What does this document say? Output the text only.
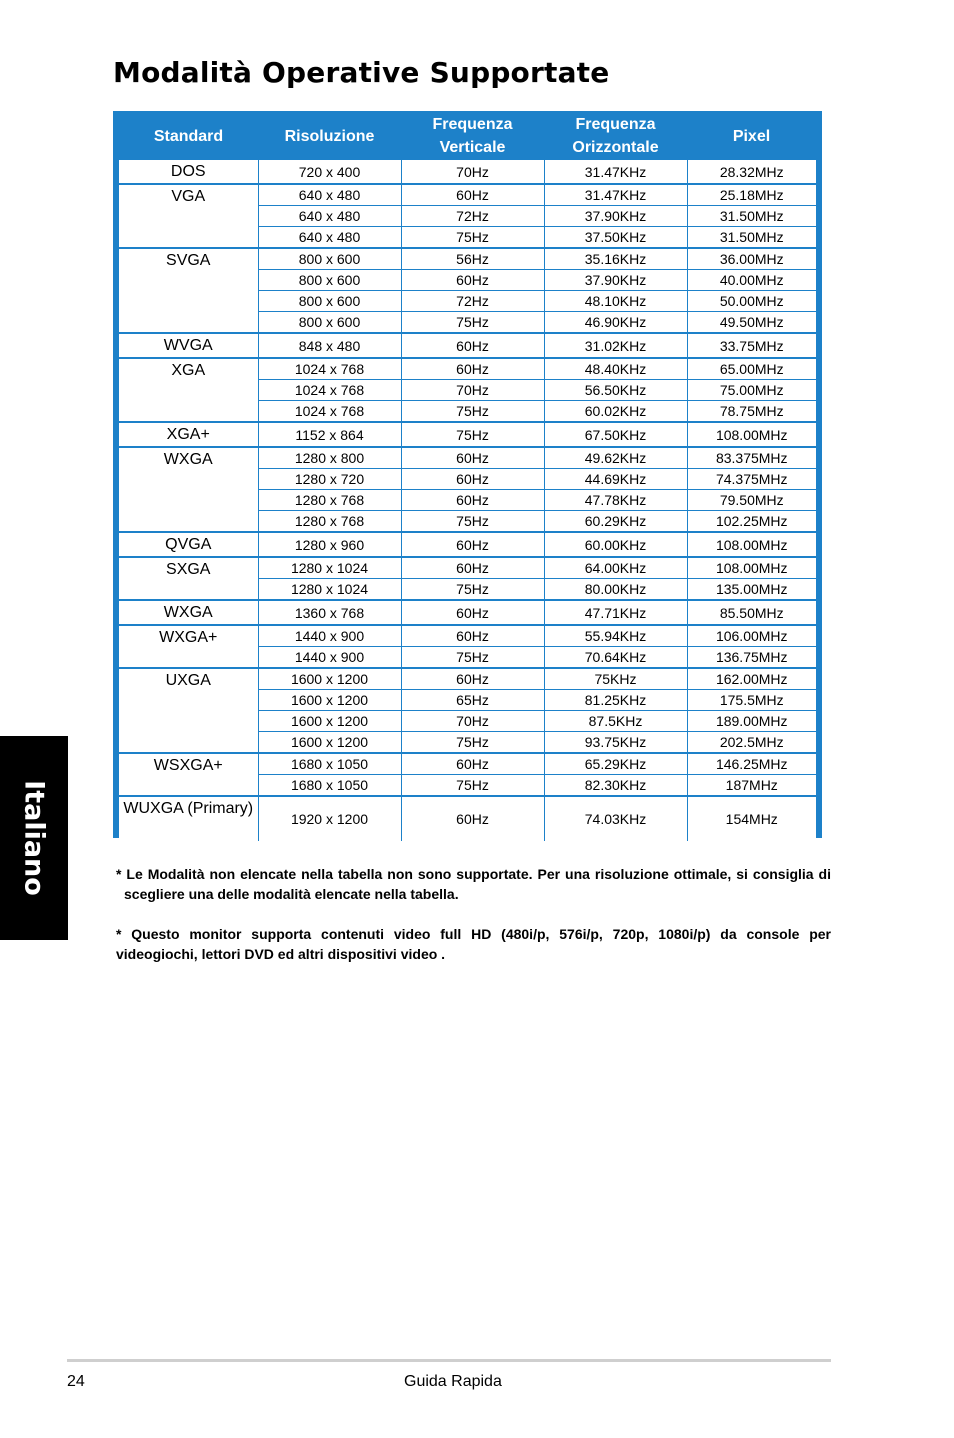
Modalità Operative Supportate
Italiano
Standard	Risoluzione	Frequenza Verticale	Frequenza Orizzontale	Pixel
DOS	720 x 400	70Hz	31.47KHz	28.32MHz
VGA	640 x 480	60Hz	31.47KHz	25.18MHz
	640 x 480	72Hz	37.90KHz	31.50MHz
	640 x 480	75Hz	37.50KHz	31.50MHz
SVGA	800 x 600	56Hz	35.16KHz	36.00MHz
	800 x 600	60Hz	37.90KHz	40.00MHz
	800 x 600	72Hz	48.10KHz	50.00MHz
	800 x 600	75Hz	46.90KHz	49.50MHz
WVGA	848 x 480	60Hz	31.02KHz	33.75MHz
XGA	1024 x 768	60Hz	48.40KHz	65.00MHz
	1024 x 768	70Hz	56.50KHz	75.00MHz
	1024 x 768	75Hz	60.02KHz	78.75MHz
XGA+	1152 x 864	75Hz	67.50KHz	108.00MHz
WXGA	1280 x 800	60Hz	49.62KHz	83.375MHz
	1280 x 720	60Hz	44.69KHz	74.375MHz
	1280 x 768	60Hz	47.78KHz	79.50MHz
	1280 x 768	75Hz	60.29KHz	102.25MHz
QVGA	1280 x 960	60Hz	60.00KHz	108.00MHz
SXGA	1280 x 1024	60Hz	64.00KHz	108.00MHz
	1280 x 1024	75Hz	80.00KHz	135.00MHz
WXGA	1360 x 768	60Hz	47.71KHz	85.50MHz
WXGA+	1440 x 900	60Hz	55.94KHz	106.00MHz
	1440 x 900	75Hz	70.64KHz	136.75MHz
UXGA	1600 x 1200	60Hz	75KHz	162.00MHz
	1600 x 1200	65Hz	81.25KHz	175.5MHz
	1600 x 1200	70Hz	87.5KHz	189.00MHz
	1600 x 1200	75Hz	93.75KHz	202.5MHz
WSXGA+	1680 x 1050	60Hz	65.29KHz	146.25MHz
	1680 x 1050	75Hz	82.30KHz	187MHz
WUXGA (Primary)	1920 x 1200	60Hz	74.03KHz	154MHz

* Le Modalità non elencate nella tabella non sono supportate. Per una risoluzione ottimale, si consiglia di scegliere una delle modalità elencate nella tabella.

* Questo monitor supporta contenuti video full HD (480i/p, 576i/p, 720p, 1080i/p) da console per videogiochi, lettori DVD ed altri dispositivi video .

24	Guida Rapida
